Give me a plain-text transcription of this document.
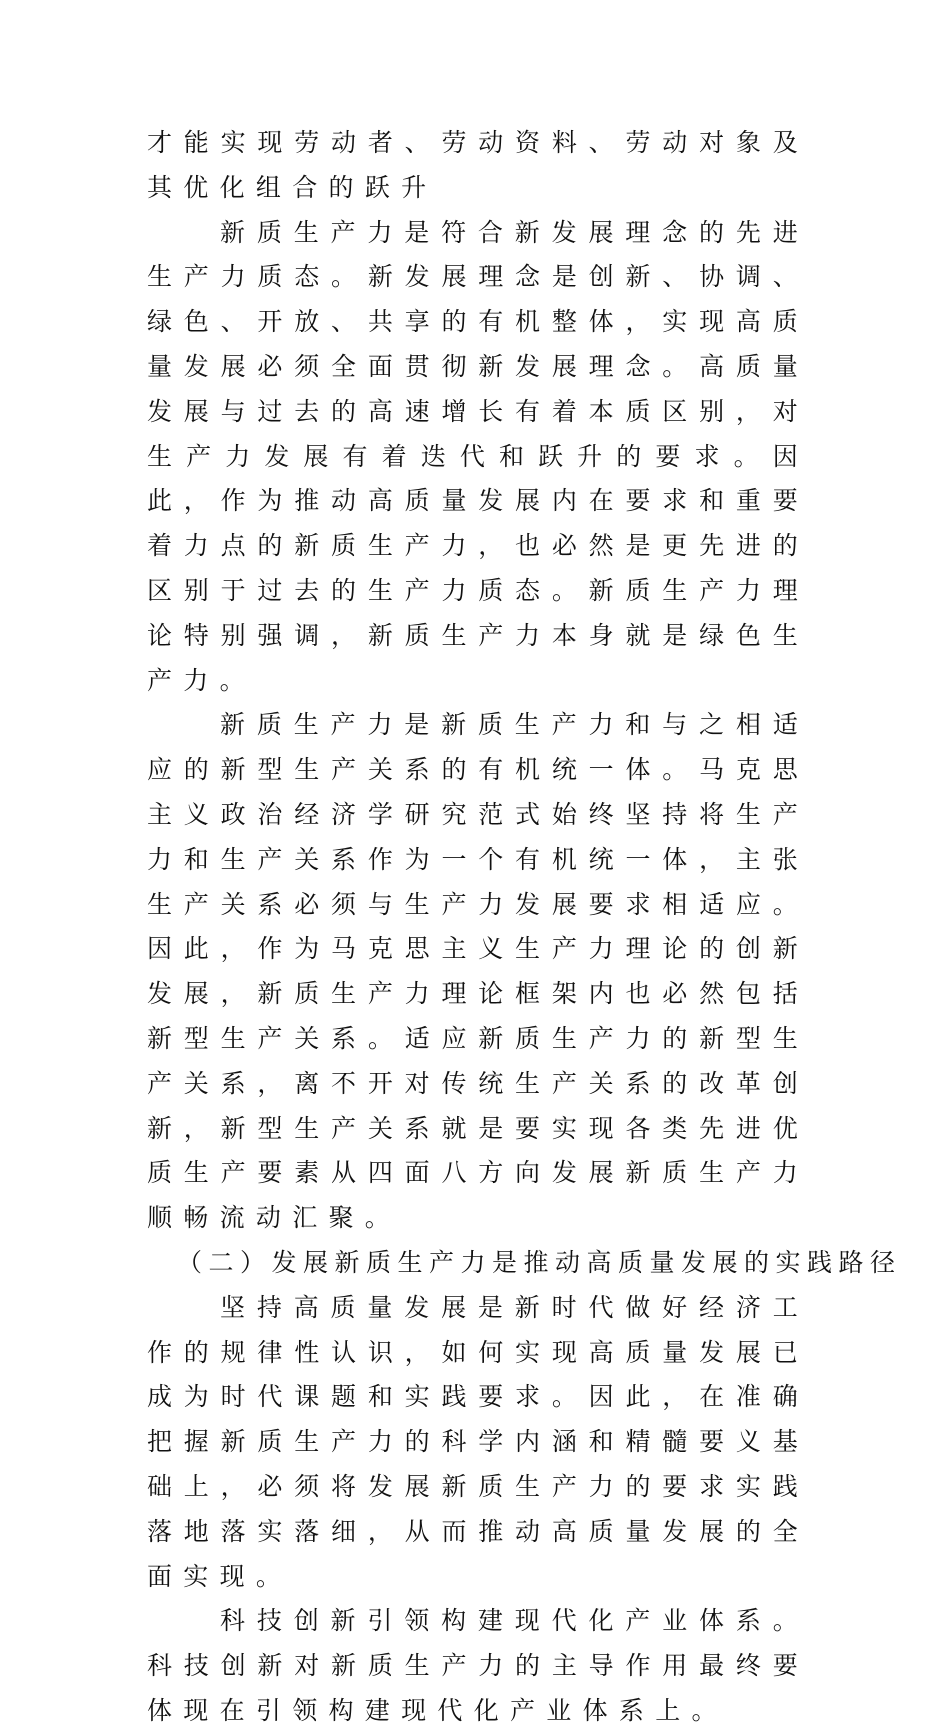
才能实现劳动者、劳动资料、劳动对象及其优化组合的跃升

新质生产力是符合新发展理念的先进生产力质态。新发展理念是创新、协调、绿色、开放、共享的有机整体，实现高质量发展必须全面贯彻新发展理念。高质量发展与过去的高速增长有着本质区别，对生产力发展有着迭代和跃升的要求。因此，作为推动高质量发展内在要求和重要着力点的新质生产力，也必然是更先进的区别于过去的生产力质态。新质生产力理论特别强调，新质生产力本身就是绿色生产力。

新质生产力是新质生产力和与之相适应的新型生产关系的有机统一体。马克思主义政治经济学研究范式始终坚持将生产力和生产关系作为一个有机统一体，主张生产关系必须与生产力发展要求相适应。因此，作为马克思主义生产力理论的创新发展，新质生产力理论框架内也必然包括新型生产关系。适应新质生产力的新型生产关系，离不开对传统生产关系的改革创新，新型生产关系就是要实现各类先进优质生产要素从四面八方向发展新质生产力顺畅流动汇聚。

（二）发展新质生产力是推动高质量发展的实践路径

坚持高质量发展是新时代做好经济工作的规律性认识，如何实现高质量发展已成为时代课题和实践要求。因此，在准确把握新质生产力的科学内涵和精髓要义基础上，必须将发展新质生产力的要求实践落地落实落细，从而推动高质量发展的全面实现。

科技创新引领构建现代化产业体系。科技创新对新质生产力的主导作用最终要体现在引领构建现代化产业体系上。
